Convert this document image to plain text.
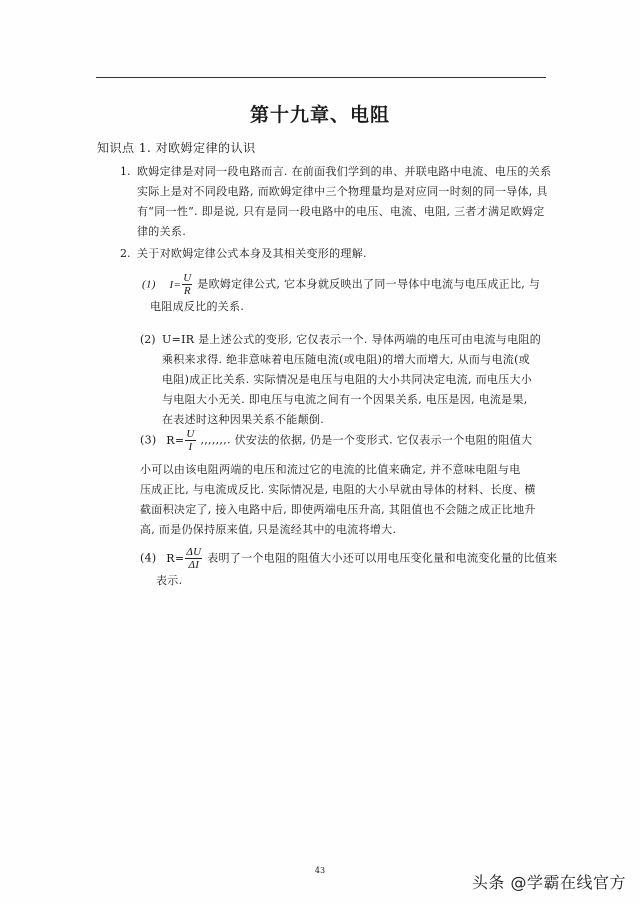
第十九章、电阻
知识点 1. 对欧姆定律的认识
1. 欧姆定律是对同一段电路而言. 在前面我们学到的串、并联电路中电流、电压的关系
实际上是对不同段电路, 而欧姆定律中三个物理量均是对应同一时刻的同一导体, 具
有“同一性”. 即是说, 只有是同一段电路中的电压、电流、电阻, 三者才满足欧姆定
律的关系.
2. 关于对欧姆定律公式本身及其相关变形的理解.
(1) $I= \frac{U}{R}$ 是欧姆定律公式, 它本身就反映出了同一导体中电流与电压成正比, 与
电阻成反比的关系.
(2) U=IR 是上述公式的变形, 它仅表示一个. 导体两端的电压可由电流与电阻的
乘积来求得. 绝非意味着电压随电流(或电阻)的增大而增大, 从而与电流(或
电阻)成正比关系. 实际情况是电压与电阻的大小共同决定电流, 而电压大小
与电阻大小无关. 即电压与电流之间有一个因果关系, 电压是因, 电流是果,
在表述时这种因果关系不能颠倒.
(3) $R= \frac{U}{I}$ ,,,,,,,. 伏安法的依据, 仍是一个变形式. 它仅表示一个电阻的阻值大
小可以由该电阻两端的电压和流过它的电流的比值来确定, 并不意味电阻与电
压成正比, 与电流成反比. 实际情况是, 电阻的大小早就由导体的材料、长度、横
截面积决定了, 接入电路中后, 即使两端电压升高, 其阻值也不会随之成正比地升
高, 而是仍保持原来值, 只是流经其中的电流将增大.
(4) $R= \frac{\Delta U}{\Delta I}$ 表明了一个电阻的阻值大小还可以用电压变化量和电流变化量的比值来
表示.
43
头条 @学霸在线官方
